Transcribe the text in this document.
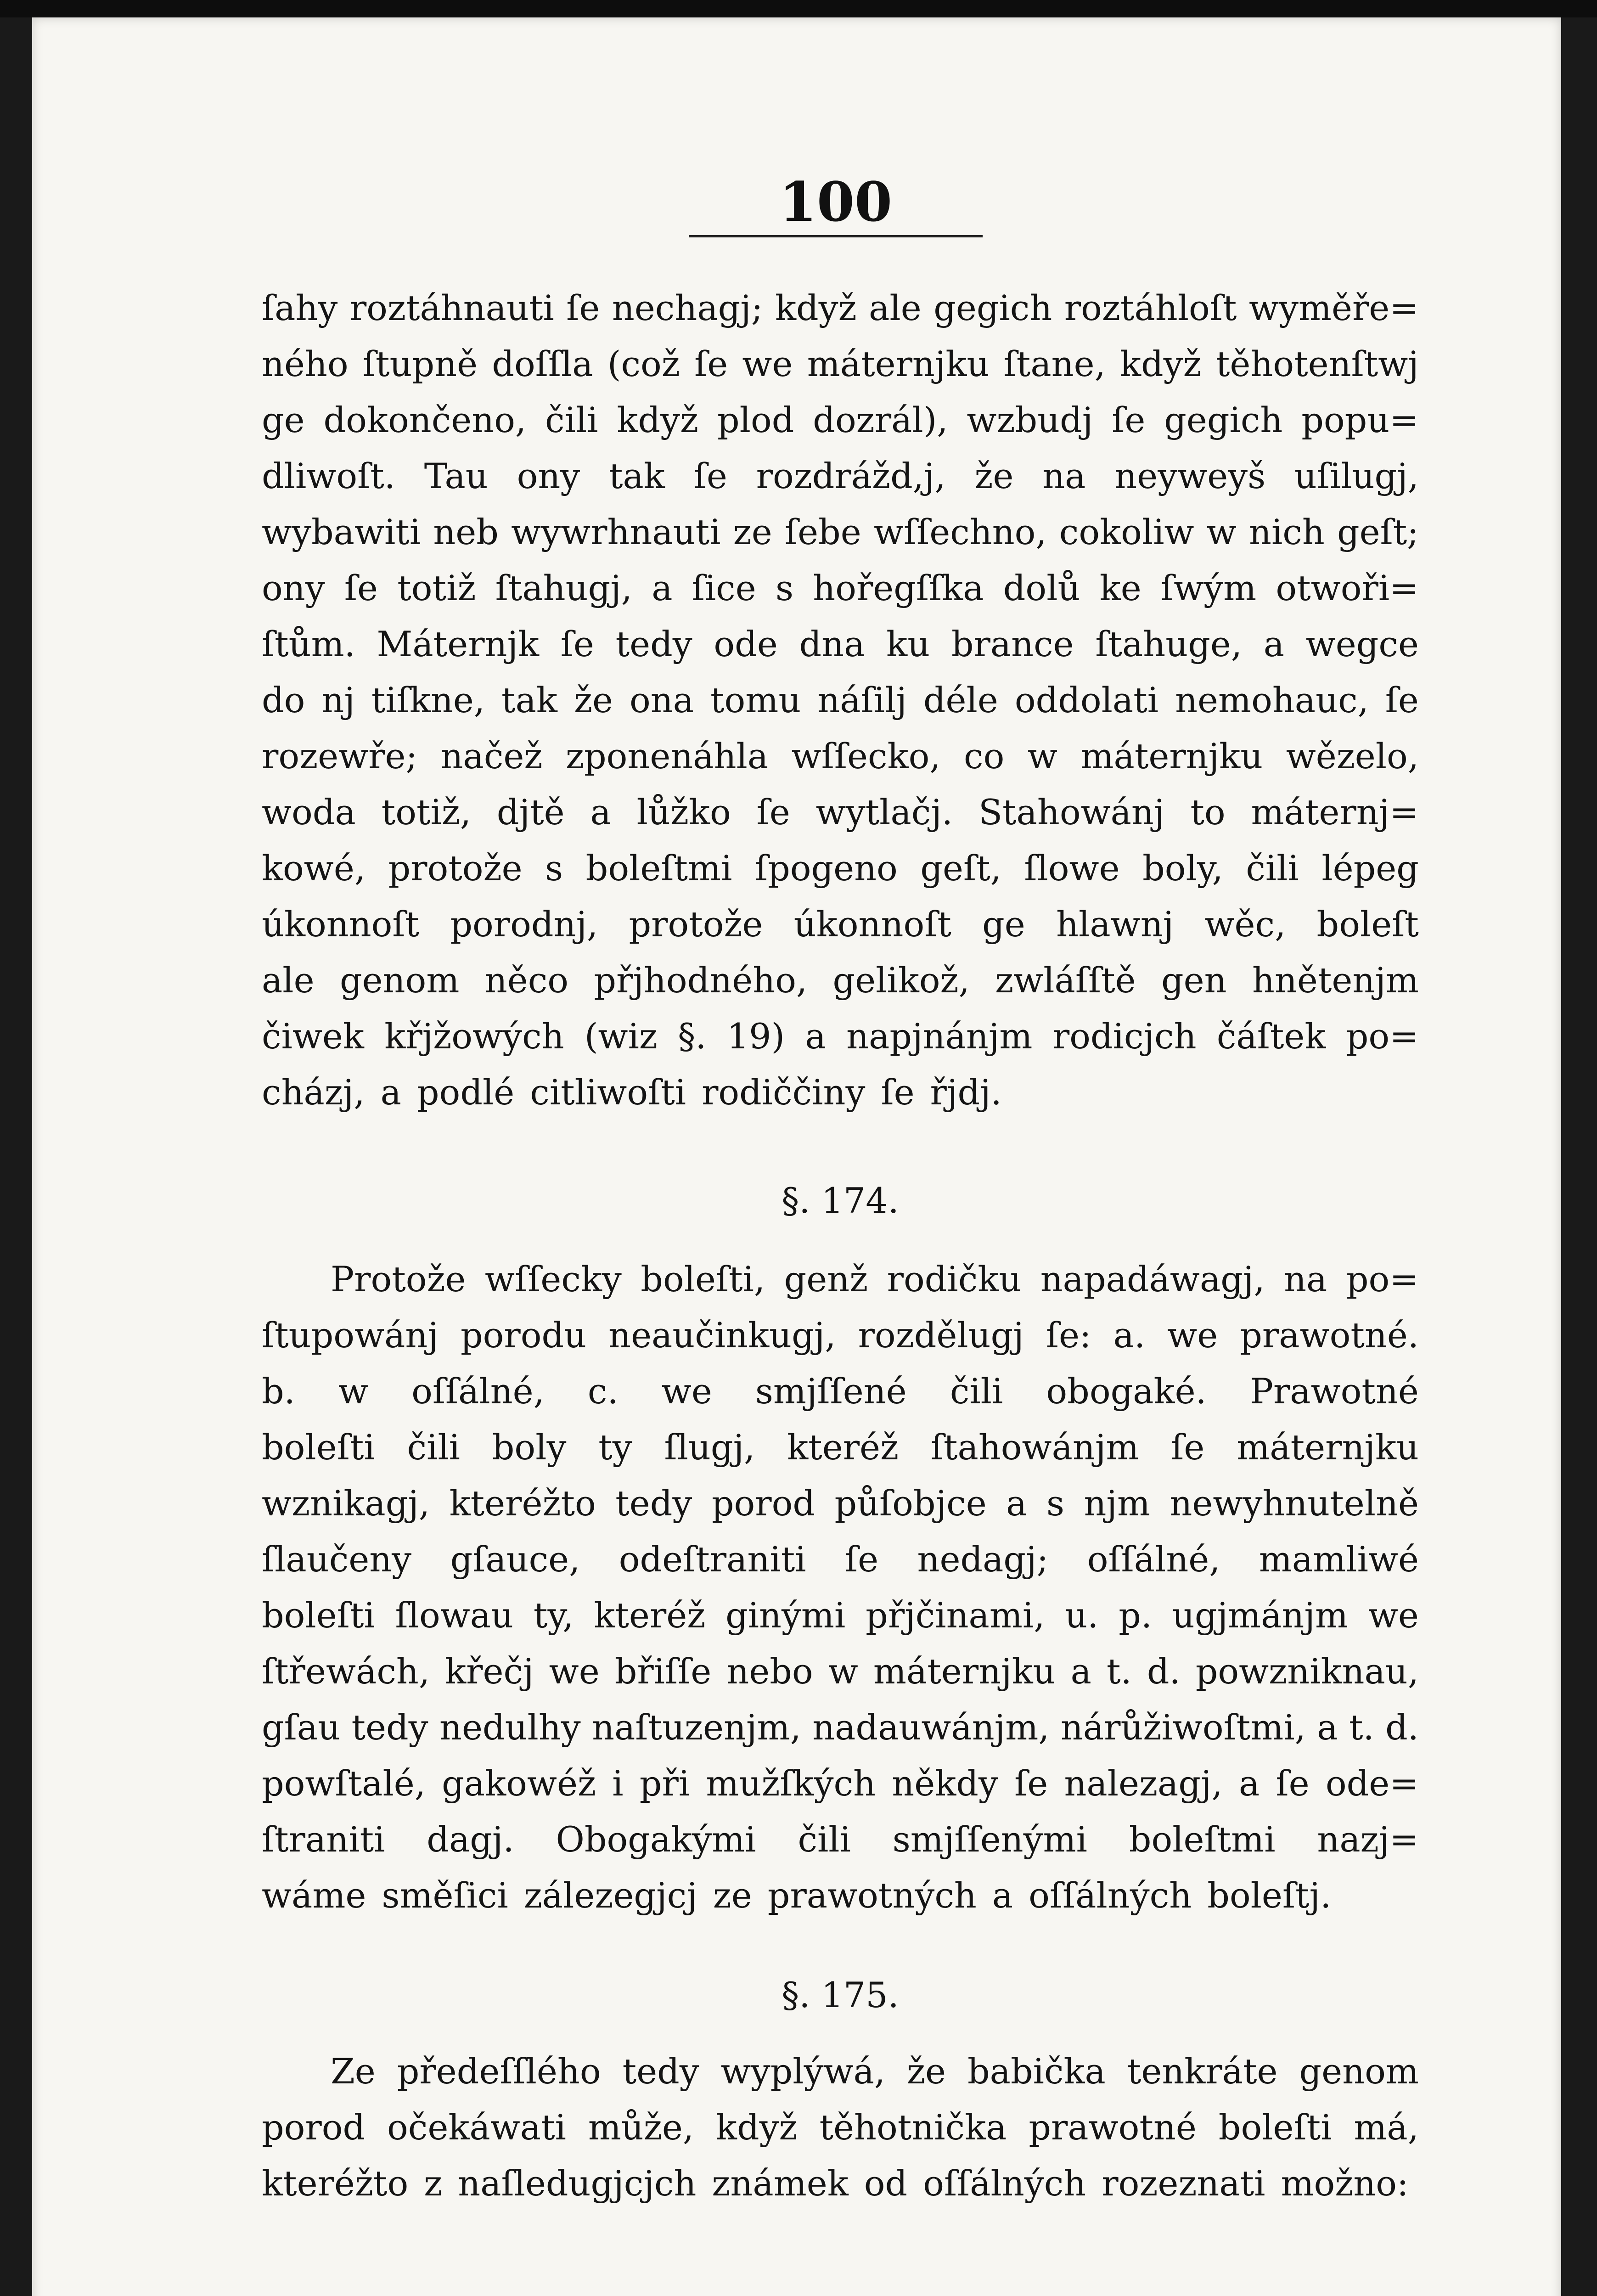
100
ſahy roztáhnauti ſe nechagj; když ale gegich roztáhloſt wyměře=
ného ſtupně doſſla (což ſe we máternjku ſtane, když těhotenſtwj
ge dokončeno, čili když plod dozrál), wzbudj ſe gegich popu=
dliwoſt. Tau ony tak ſe rozdrážd,j, že na neyweyš uſilugj,
wybawiti neb wywrhnauti ze ſebe wſſechno, cokoliw w nich geſt;
ony ſe totiž ſtahugj, a ſice s hořegſſka dolů ke ſwým otwoři=
ſtům. Máternjk ſe tedy ode dna ku brance ſtahuge, a wegce
do nj tiſkne, tak že ona tomu náſilj déle oddolati nemohauc, ſe
rozewře; načež zponenáhla wſſecko, co w máternjku wězelo,
woda totiž, djtě a lůžko ſe wytlačj. Stahowánj to máternj=
kowé, protože s boleſtmi ſpogeno geſt, ſlowe boly, čili lépeg
úkonnoſt porodnj, protože úkonnoſt ge hlawnj wěc, boleſt
ale genom něco přjhodného, gelikož, zwláſſtě gen hnětenjm
čiwek křjžowých (wiz §. 19) a napjnánjm rodicjch čáſtek po=
cházj, a podlé citliwoſti rodiččiny ſe řjdj.
§. 174.
Protože wſſecky boleſti, genž rodičku napadáwagj, na po=
ſtupowánj porodu neaučinkugj, rozdělugj ſe: a. we prawotné.
b. w oſſálné, c. we smjſſené čili obogaké. Prawotné
boleſti čili boly ty ſlugj, kteréž ſtahowánjm ſe máternjku
wznikagj, kteréžto tedy porod půſobjce a s njm newyhnutelně
ſlaučeny gſauce, odeſtraniti ſe nedagj; oſſálné, mamliwé
boleſti ſlowau ty, kteréž ginými přjčinami, u. p. ugjmánjm we
ſtřewách, křečj we břiſſe nebo w máternjku a t. d. powzniknau,
gſau tedy nedulhy naſtuzenjm, nadauwánjm, nárůžiwoſtmi, a t. d.
powſtalé, gakowéž i při mužſkých někdy ſe nalezagj, a ſe ode=
ſtraniti dagj. Obogakými čili smjſſenými boleſtmi nazj=
wáme směſici zálezegjcj ze prawotných a oſſálných boleſtj.
§. 175.
Ze předeſſlého tedy wyplýwá, že babička tenkráte genom
porod očekáwati může, když těhotnička prawotné boleſti má,
kteréžto z naſledugjcjch známek od oſſálných rozeznati možno:
